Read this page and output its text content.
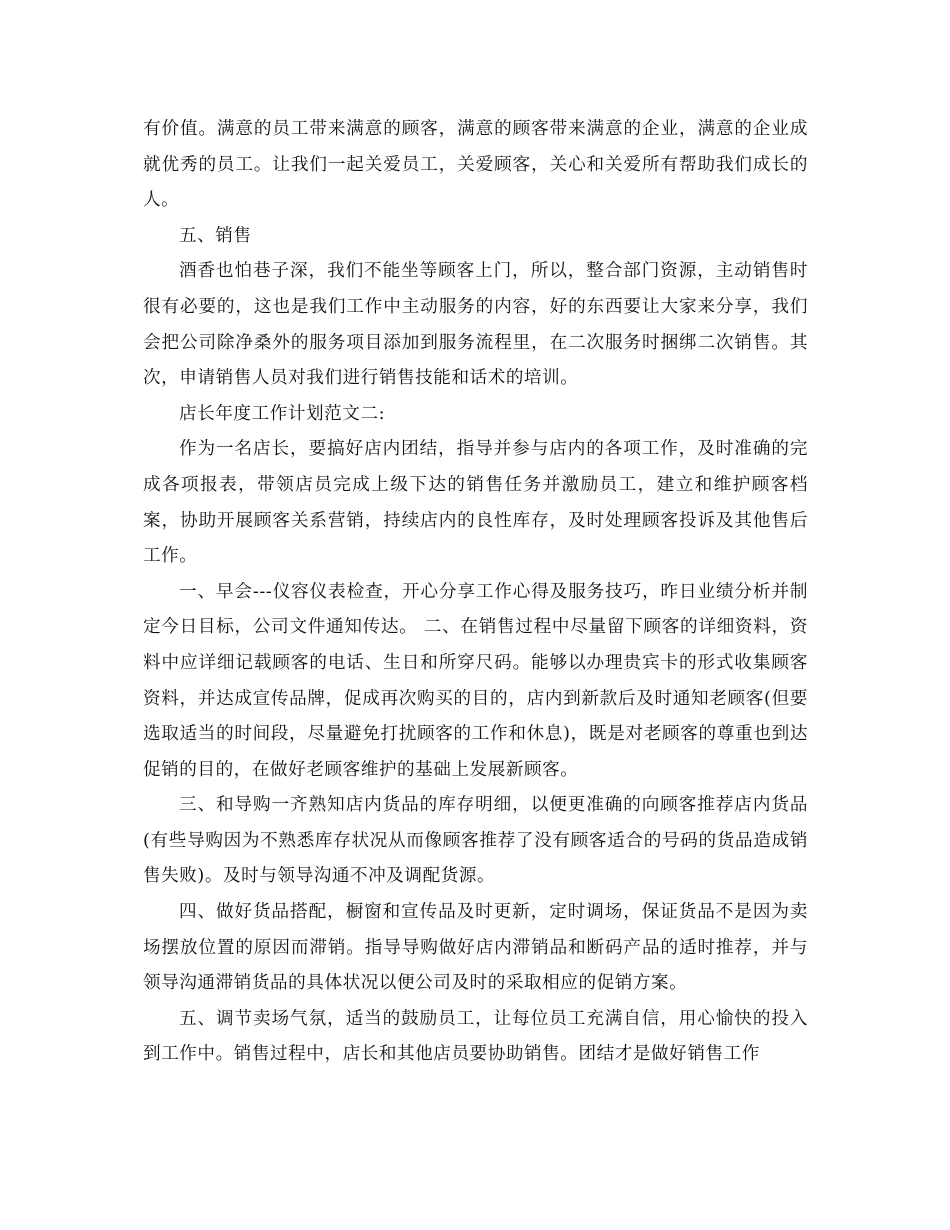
有价值。满意的员工带来满意的顾客，满意的顾客带来满意的企业，满意的企业成就优秀的员工。让我们一起关爱员工，关爱顾客，关心和关爱所有帮助我们成长的人。

五、销售

酒香也怕巷子深，我们不能坐等顾客上门，所以，整合部门资源，主动销售时很有必要的，这也是我们工作中主动服务的内容，好的东西要让大家来分享，我们会把公司除净桑外的服务项目添加到服务流程里，在二次服务时捆绑二次销售。其次，申请销售人员对我们进行销售技能和话术的培训。

店长年度工作计划范文二:

作为一名店长，要搞好店内团结，指导并参与店内的各项工作，及时准确的完成各项报表，带领店员完成上级下达的销售任务并激励员工，建立和维护顾客档案，协助开展顾客关系营销，持续店内的良性库存，及时处理顾客投诉及其他售后工作。

一、早会---仪容仪表检查，开心分享工作心得及服务技巧，昨日业绩分析并制定今日目标，公司文件通知传达。 二、在销售过程中尽量留下顾客的详细资料，资料中应详细记载顾客的电话、生日和所穿尺码。能够以办理贵宾卡的形式收集顾客资料，并达成宣传品牌，促成再次购买的目的，店内到新款后及时通知老顾客(但要选取适当的时间段，尽量避免打扰顾客的工作和休息)，既是对老顾客的尊重也到达促销的目的，在做好老顾客维护的基础上发展新顾客。

三、和导购一齐熟知店内货品的库存明细，以便更准确的向顾客推荐店内货品(有些导购因为不熟悉库存状况从而像顾客推荐了没有顾客适合的号码的货品造成销售失败)。及时与领导沟通不冲及调配货源。

四、做好货品搭配，橱窗和宣传品及时更新，定时调场，保证货品不是因为卖场摆放位置的原因而滞销。指导导购做好店内滞销品和断码产品的适时推荐，并与领导沟通滞销货品的具体状况以便公司及时的采取相应的促销方案。

五、调节卖场气氛，适当的鼓励员工，让每位员工充满自信，用心愉快的投入到工作中。销售过程中，店长和其他店员要协助销售。团结才是做好销售工作
